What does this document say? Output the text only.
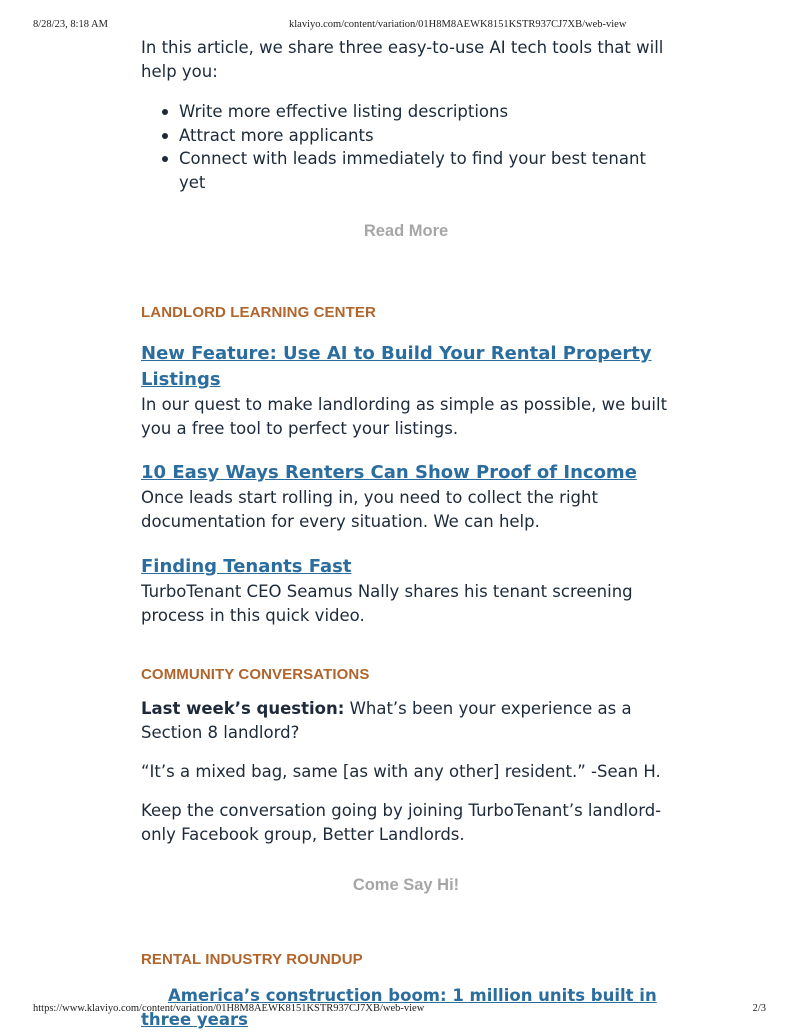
8/28/23, 8:18 AM	klaviyo.com/content/variation/01H8M8AEWK8151KSTR937CJ7XB/web-view

In this article, we share three easy-to-use AI tech tools that will help you:

Write more effective listing descriptions
Attract more applicants
Connect with leads immediately to find your best tenant yet
Read More
LANDLORD LEARNING CENTER
New Feature: Use AI to Build Your Rental Property Listings

In our quest to make landlording as simple as possible, we built you a free tool to perfect your listings.

10 Easy Ways Renters Can Show Proof of Income

Once leads start rolling in, you need to collect the right documentation for every situation. We can help.

Finding Tenants Fast

TurboTenant CEO Seamus Nally shares his tenant screening process in this quick video.

COMMUNITY CONVERSATIONS

Last week’s question: What’s been your experience as a Section 8 landlord?

“It’s a mixed bag, same [as with any other] resident.” -Sean H.

Keep the conversation going by joining TurboTenant’s landlord-only Facebook group, Better Landlords.

Come Say Hi!
RENTAL INDUSTRY ROUNDUP
America’s construction boom: 1 million units built in three years
https://www.klaviyo.com/content/variation/01H8M8AEWK8151KSTR937CJ7XB/web-view	2/3
